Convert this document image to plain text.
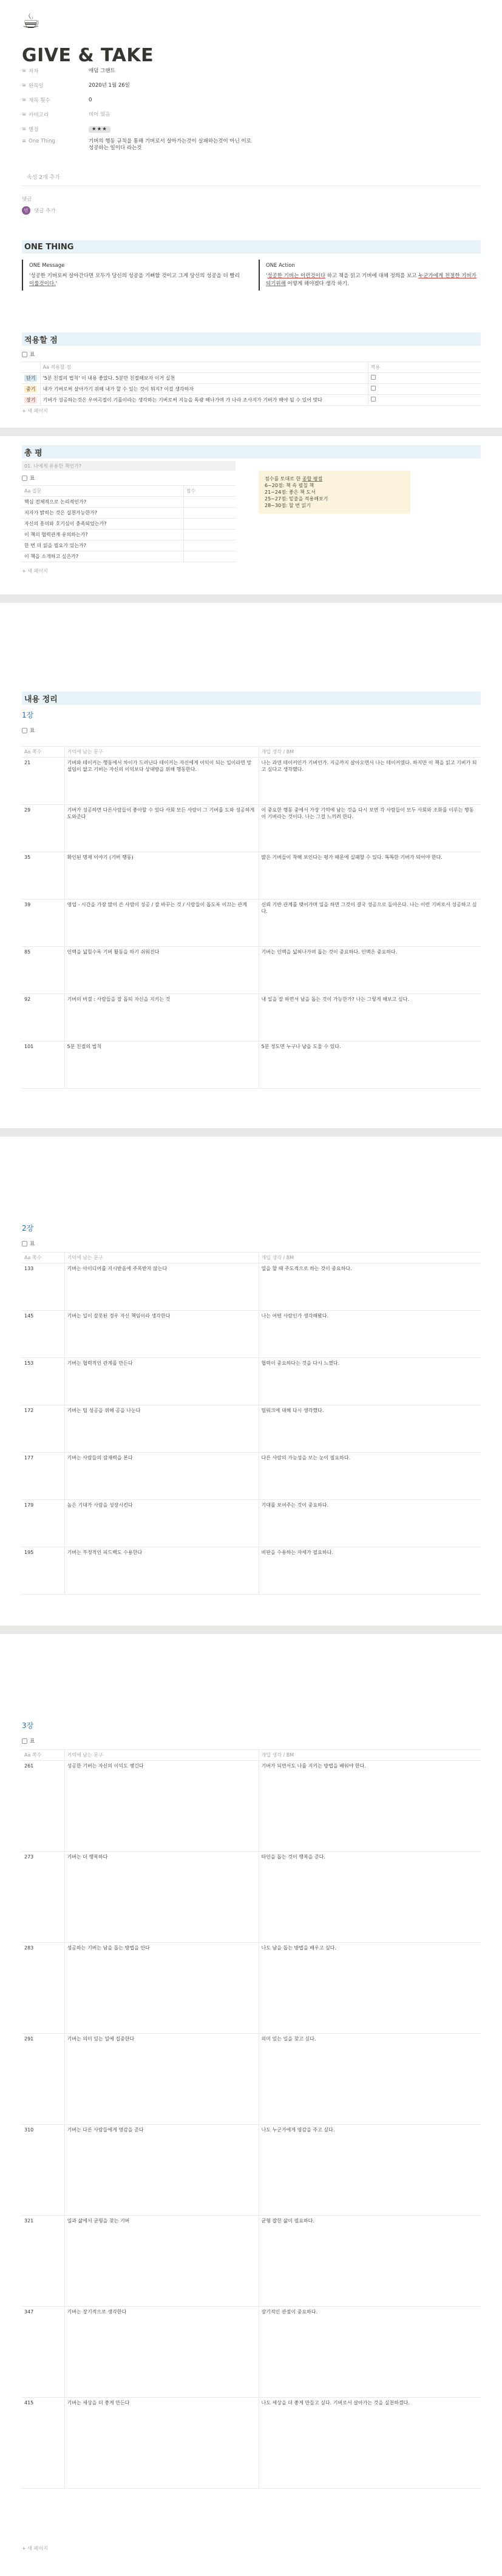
☕
GIVE & TAKE
≡ 저자	애덤 그랜트
≡ 완독일	2020년 1월 26일
≡ 재독 횟수	0
≡ 카테고리	비어 있음
≡ 별점	★★★
≡ One Thing	기버의 행동 규칙을 통해 기버로서 살아가는것이 실패하는것이 아닌 이로 성공하는 일이다 라는것
속성 2개 추가
댓글
민	댓글 추가
ONE THING
ONE Message
'성공한 기버로써 살아간다면 모두가 당신의 성공을 기뻐할 것이고 그게 당신의 성공을 더 빨리 이룰것이다.'
ONE Action
'성공한 기버는 이런것이다 하고 책을 읽고 기버에 대해 정의를 보고 누군가에게 친절한 기버가 되기위해 어떻게 해야겠다 생각 하기.
적용할 점
표
	Aa 적용할 점	적용
단기	'5분 친절의 법칙' 이 내용 좋았다. 5분만 친절해보자 이거 실천	
중기	내가 기버로써 살아가기 위해 내가 할 수 있는 것이 뭐지? 이걸 생각하자	
장기	기버가 성공하는것은 우여곡절이 기를이라는 생각하는 기버로써 지능을 독광 해나가며 가 나라 조사지가 기버가 해야 될 수 있어 맞다	
+ 새 페이지
총 평
01. 나에게 유용한 책인가?
표
Aa 질문	점수
핵심 전체적으로 논리적인가?	
저자가 밝히는 것은 실천가능한가?	
자신의 흥미와 호기심이 충족되었는가?	
이 책의 협력관계 유의하는가?	
한 번 더 읽을 필요가 있는가?	
이 책을 소개하고 싶은가?	
+ 새 페이지
점수를 토대로 한 종합 평점
6~20점: 책 속 펼칠 책
21~24점: 좋은 책 도서
25~27점: 밑줄을 적용해보기
28~30점: 할 번 읽기
내용 정리
1장
표
Aa 쪽수	기억에 남는 문구	개입 생각 / BM
21	기버와 테이커는 행동에서 차이가 드러난다 테이커는 자신에게 이익이 되는 일이라면 망설임이 없고 기버는 자신의 이익보다 상대방을 위해 행동한다.	나는 과연 테이커인가 기버인가. 지금까지 살아오면서 나는 테이커였다. 하지만 이 책을 읽고 기버가 되고 싶다고 생각했다.
29	기버가 성공하면 다른사람들이 좋아할 수 있다 사회 모든 사람이 그 기버를 도와 성공하게 도와준다	이 중요한 행동 중에서 가장 기억에 남는 것을 다시 보면 각 사람들이 모두 사회와 조화를 이루는 행동이 기버라는 것이다. 나는 그걸 느끼려 한다.
35	확인된 명제 이야기 (기버 행동)	많은 기버들이 착해 보인다는 평가 때문에 실패할 수 있다. 똑똑한 기버가 되어야 한다.
39	영업 - 시간을 가장 많이 쓴 사람이 성공 / 잘 바꾸는 것 / 사람들이 돕도록 이끄는 관계	신뢰 기반 관계를 맺어가며 일을 하면 그것이 결국 성공으로 돌아온다. 나는 이런 기버로서 성공하고 싶다.
85	인맥을 넓힐수록 기버 활동을 하기 쉬워진다	기버는 인맥을 넓혀나가며 돕는 것이 중요하다. 인맥은 중요하다.
92	기버의 비결 : 사람들을 잘 돕되 자신을 지키는 것	내 일을 잘 하면서 남을 돕는 것이 가능한가? 나는 그렇게 해보고 싶다.
101	5분 친절의 법칙	5분 정도면 누구나 남을 도울 수 있다.
2장
표
Aa 쪽수	기억에 남는 문구	개입 생각 / BM
133	기버는 아이디어를 지시받음에 주목받지 않는다	일을 할 때 주도적으로 하는 것이 중요하다.
145	기버는 일이 잘못된 경우 자신 책임이라 생각한다	나는 어떤 사람인가 생각해봤다.
153	기버는 협력적인 관계를 만든다	협력이 중요하다는 것을 다시 느꼈다.
172	기버는 팀 성공을 위해 공을 나눈다	팀워크에 대해 다시 생각했다.
177	기버는 사람들의 잠재력을 본다	다른 사람의 가능성을 보는 눈이 필요하다.
179	높은 기대가 사람을 성장시킨다	기대를 보여주는 것이 중요하다.
195	기버는 부정적인 피드백도 수용한다	비판을 수용하는 자세가 필요하다.
3장
표
Aa 쪽수	기억에 남는 문구	개입 생각 / BM
261	성공한 기버는 자신의 이익도 챙긴다	기버가 되면서도 나를 지키는 방법을 배워야 한다.
273	기버는 더 행복하다	타인을 돕는 것이 행복을 준다.
283	성공하는 기버는 남을 돕는 방법을 안다	나도 남을 돕는 방법을 배우고 싶다.
291	기버는 의미 있는 일에 집중한다	의미 있는 일을 찾고 싶다.
310	기버는 다른 사람들에게 영감을 준다	나도 누군가에게 영감을 주고 싶다.
321	일과 삶에서 균형을 찾는 기버	균형 잡힌 삶이 필요하다.
347	기버는 장기적으로 생각한다	장기적인 관점이 중요하다.
415	기버는 세상을 더 좋게 만든다	나도 세상을 더 좋게 만들고 싶다. 기버로서 살아가는 것을 실천하겠다.
+ 새 페이지
